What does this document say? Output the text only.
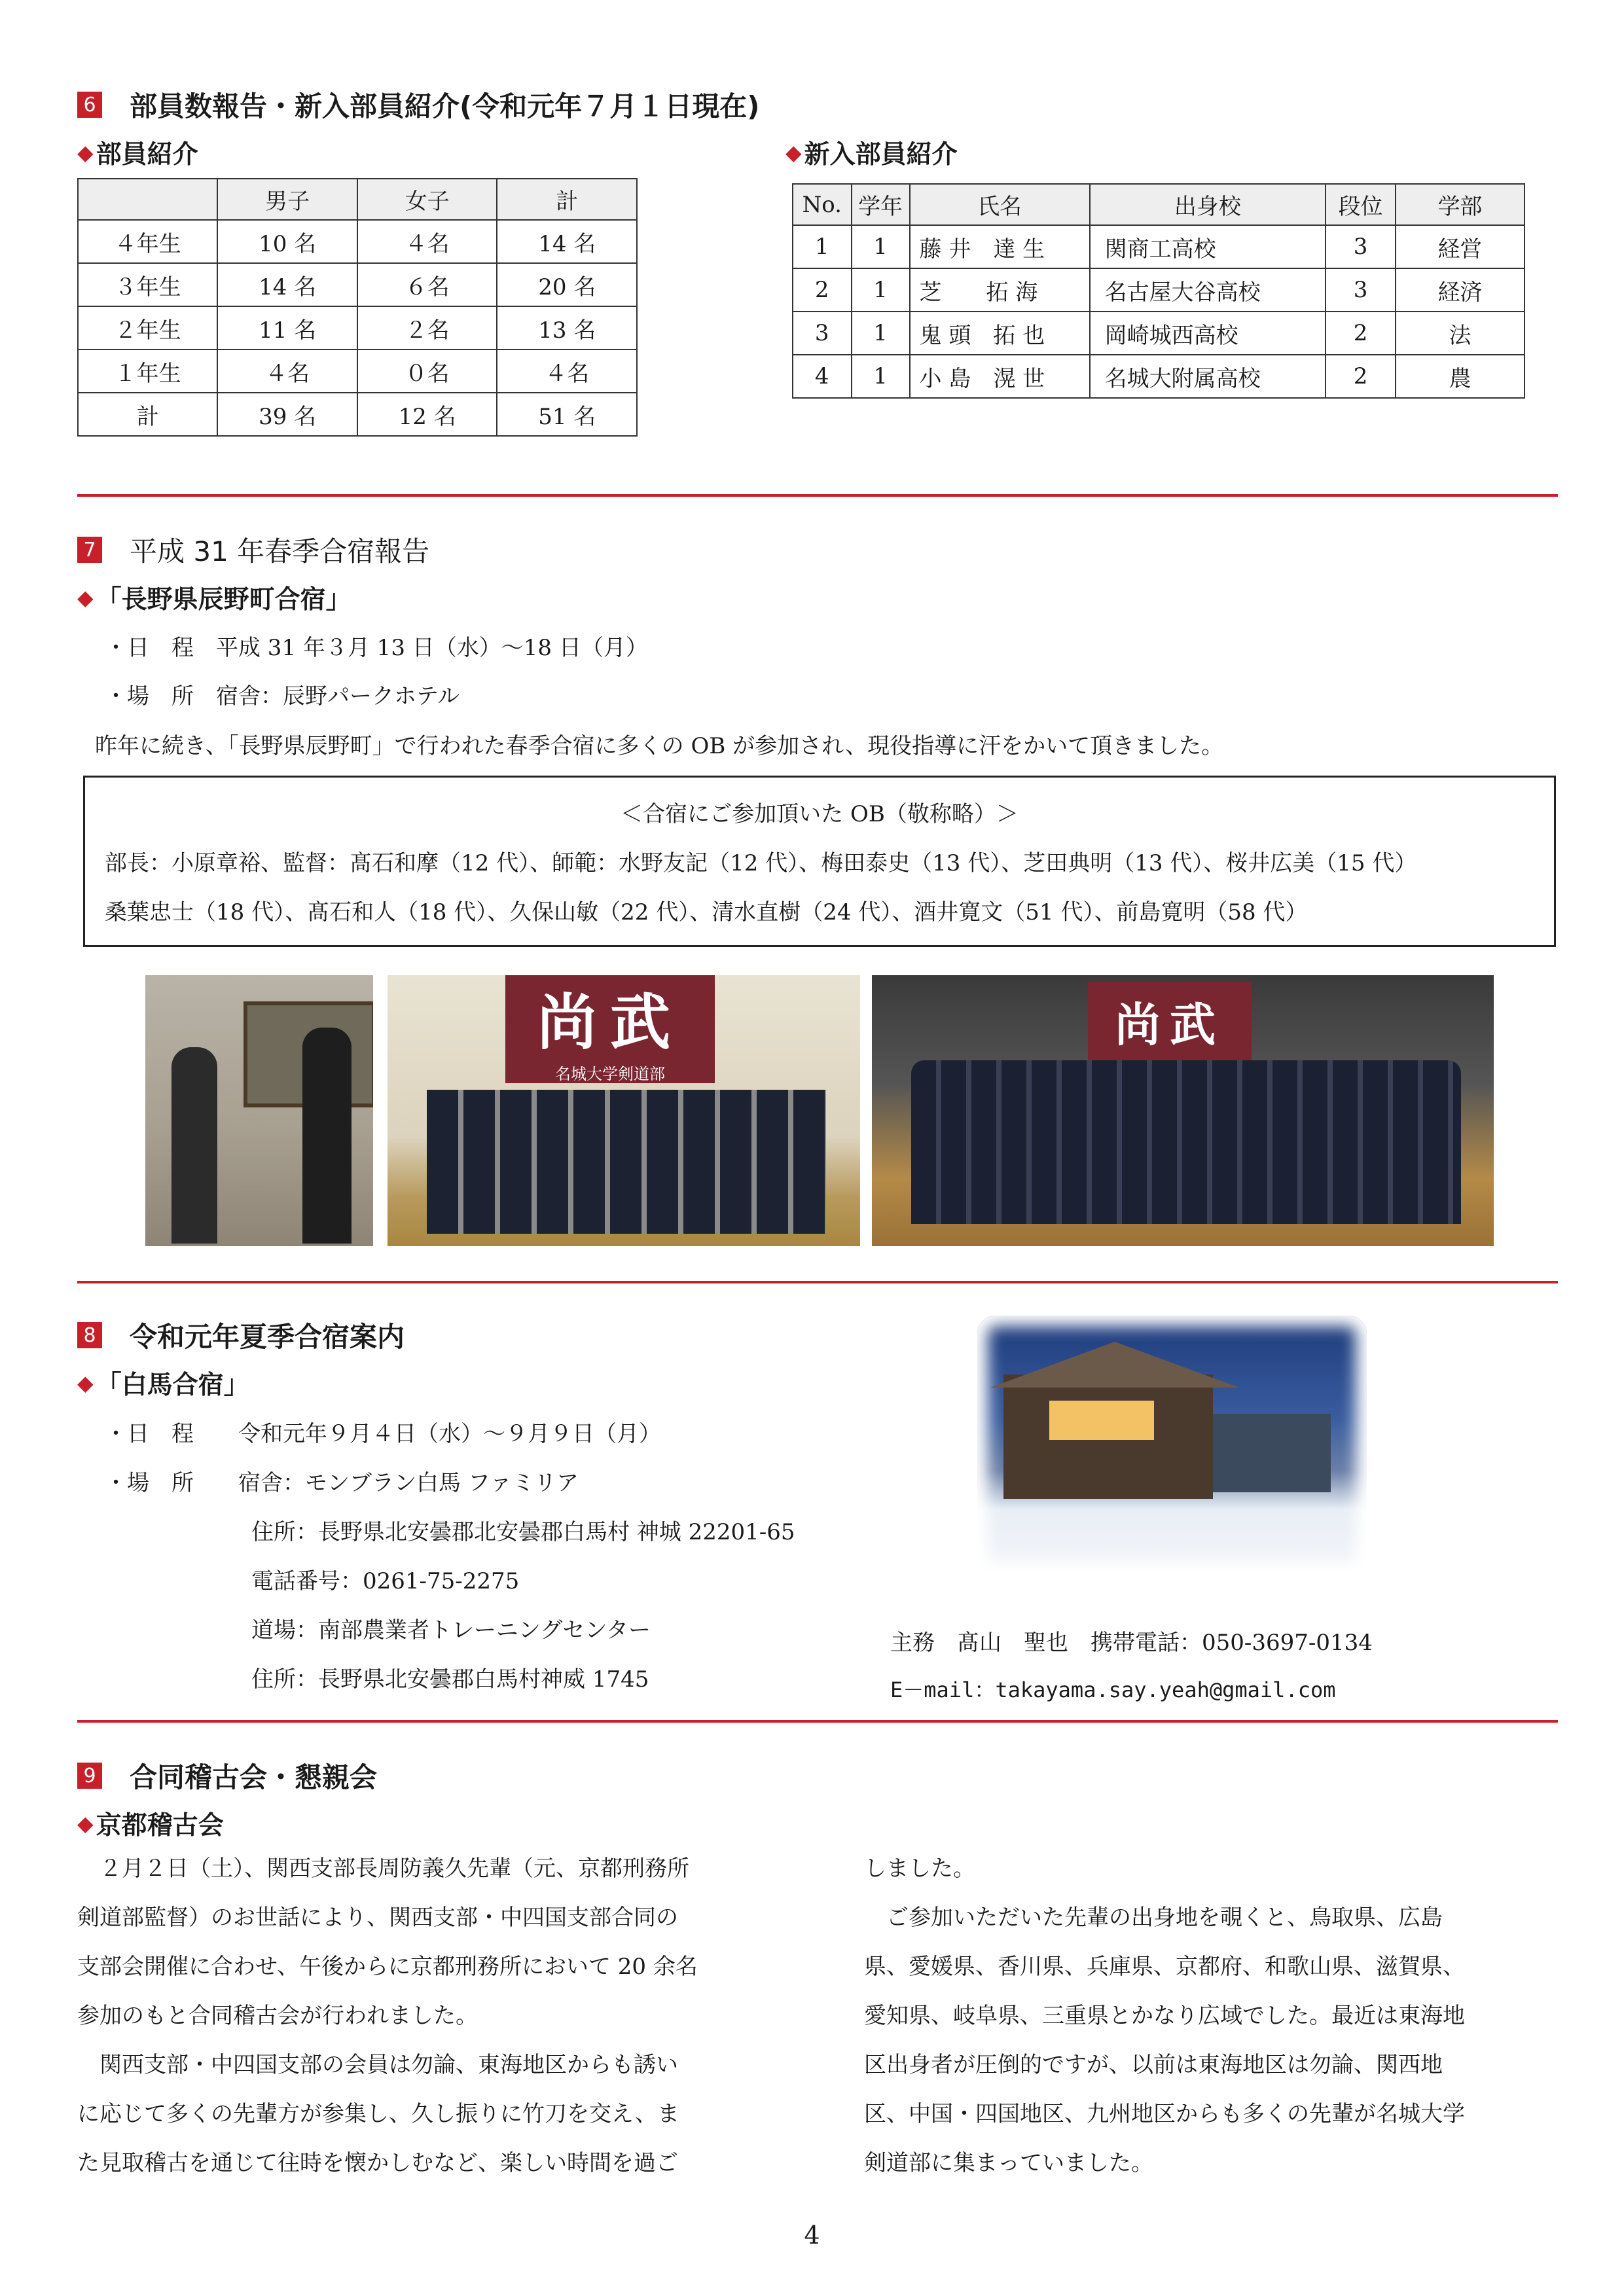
6 部員数報告・新入部員紹介(令和元年７月１日現在)
◆ 部員紹介	◆ 新入部員紹介
	男子	女子	計
４年生	10 名	４名	14 名
３年生	14 名	６名	20 名
２年生	11 名	２名	13 名
１年生	４名	０名	４名
計	39 名	12 名	51 名
No.	学年	氏名	出身校	段位	学部
1	1	藤 井　達 生	関商工高校	3	経営
2	1	芝　　拓 海	名古屋大谷高校	3	経済
3	1	鬼 頭　拓 也	岡崎城西高校	2	法
4	1	小 島　滉 世	名城大附属高校	2	農
7 平成 31 年春季合宿報告
◆ 「長野県辰野町合宿」
・日　程　平成 31 年３月 13 日（水）～18 日（月）
・場　所　宿舎：辰野パークホテル
昨年に続き、「長野県辰野町」で行われた春季合宿に多くの OB が参加され、現役指導に汗をかいて頂きました。
＜合宿にご参加頂いた OB（敬称略）＞
部長：小原章裕、監督：髙石和摩（12 代）、師範：水野友記（12 代）、梅田泰史（13 代）、芝田典明（13 代）、桜井広美（15 代）
桑葉忠士（18 代）、髙石和人（18 代）、久保山敏（22 代）、清水直樹（24 代）、酒井寛文（51 代）、前島寛明（58 代）
尚武
名城大学剣道部
尚武
8 令和元年夏季合宿案内
◆ 「白馬合宿」
・日　程　　令和元年９月４日（水）～９月９日（月）
・場　所　　宿舎：モンブラン白馬 ファミリア
住所：長野県北安曇郡北安曇郡白馬村 神城 22201-65
電話番号：0261-75-2275
道場：南部農業者トレーニングセンター
住所：長野県北安曇郡白馬村神威 1745
主務　髙山　聖也　携帯電話：050-3697-0134
E－mail：takayama.say.yeah@gmail.com
9 合同稽古会・懇親会
◆ 京都稽古会
　２月２日（土）、関西支部長周防義久先輩（元、京都刑務所
剣道部監督）のお世話により、関西支部・中四国支部合同の
支部会開催に合わせ、午後からに京都刑務所において 20 余名
参加のもと合同稽古会が行われました。
　関西支部・中四国支部の会員は勿論、東海地区からも誘い
に応じて多くの先輩方が参集し、久し振りに竹刀を交え、ま
た見取稽古を通じて往時を懐かしむなど、楽しい時間を過ご
しました。
　ご参加いただいた先輩の出身地を覗くと、鳥取県、広島
県、愛媛県、香川県、兵庫県、京都府、和歌山県、滋賀県、
愛知県、岐阜県、三重県とかなり広域でした。最近は東海地
区出身者が圧倒的ですが、以前は東海地区は勿論、関西地
区、中国・四国地区、九州地区からも多くの先輩が名城大学
剣道部に集まっていました。
4
